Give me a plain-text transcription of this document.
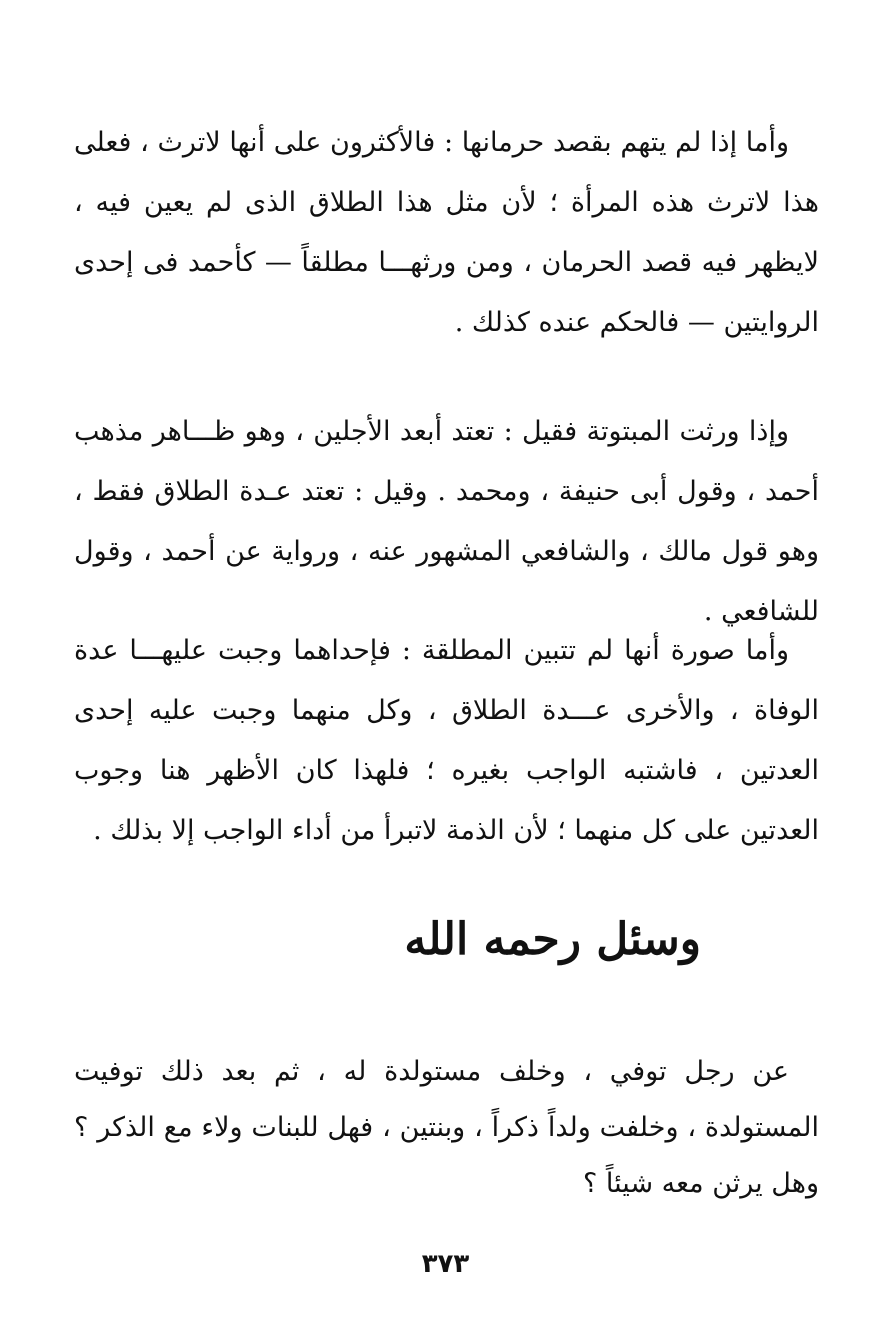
وأما إذا لم يتهم بقصد حرمانها : فالأكثرون على أنها لاترث ، فعلى هذا لاترث هذه المرأة ؛ لأن مثل هذا الطلاق الذى لم يعين فيه ، لايظهر فيه قصد الحرمان ، ومن ورثهـــا مطلقاً — كأحمد فى إحدى الروايتين — فالحكم عنده كذلك .

وإذا ورثت المبتوتة فقيل : تعتد أبعد الأجلين ، وهو ظـــاهر مذهب أحمد ، وقول أبى حنيفة ، ومحمد . وقيل : تعتد عـدة الطلاق فقط ، وهو قول مالك ، والشافعي المشهور عنه ، ورواية عن أحمد ، وقول للشافعي .

وأما صورة أنها لم تتبين المطلقة : فإحداهما وجبت عليهـــا عدة الوفاة ، والأخرى عـــدة الطلاق ، وكل منهما وجبت عليه إحدى العدتين ، فاشتبه الواجب بغيره ؛ فلهذا كان الأظهر هنا وجوب العدتين على كل منهما ؛ لأن الذمة لاتبرأ من أداء الواجب إلا بذلك .

وسئل رحمه الله

عن رجل توفي ، وخلف مستولدة له ، ثم بعد ذلك توفيت المستولدة ، وخلفت ولداً ذكراً ، وبنتين ، فهل للبنات ولاء مع الذكر ؟ وهل يرثن معه شيئاً ؟

٣٧٣
